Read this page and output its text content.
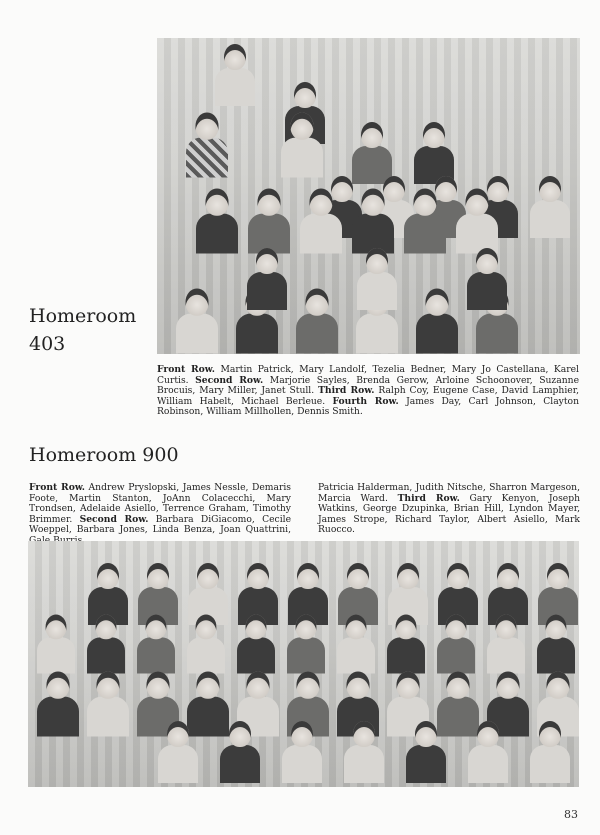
Homeroom
403
Front Row. Martin Patrick, Mary Landolf, Tezelia Bedner, Mary Jo Castellana, Karel Curtis. Second Row. Marjorie Sayles, Brenda Gerow, Arloine Schoonover, Suzanne Brocuis, Mary Miller, Janet Stull. Third Row. Ralph Coy, Eugene Case, David Lamphier, William Habelt, Michael Berleue. Fourth Row. James Day, Carl Johnson, Clayton Robinson, William Millhollen, Dennis Smith.
Homeroom 900
Front Row. Andrew Pryslopski, James Nessle, Demaris Foote, Martin Stanton, JoAnn Colacecchi, Mary Trondsen, Adelaide Asiello, Terrence Graham, Timothy Brimmer. Second Row. Barbara DiGiacomo, Cecile Woeppel, Barbara Jones, Linda Benza, Joan Quattrini,
Patricia Halderman, Judith Nitsche, Sharron Margeson, Marcia Ward. Third Row. Gary Kenyon, Joseph Watkins, George Dzupinka, Brian Hill, Lyndon Mayer, James Strope, Richard Taylor, Albert Asiello, Mark Ruocco.
83
